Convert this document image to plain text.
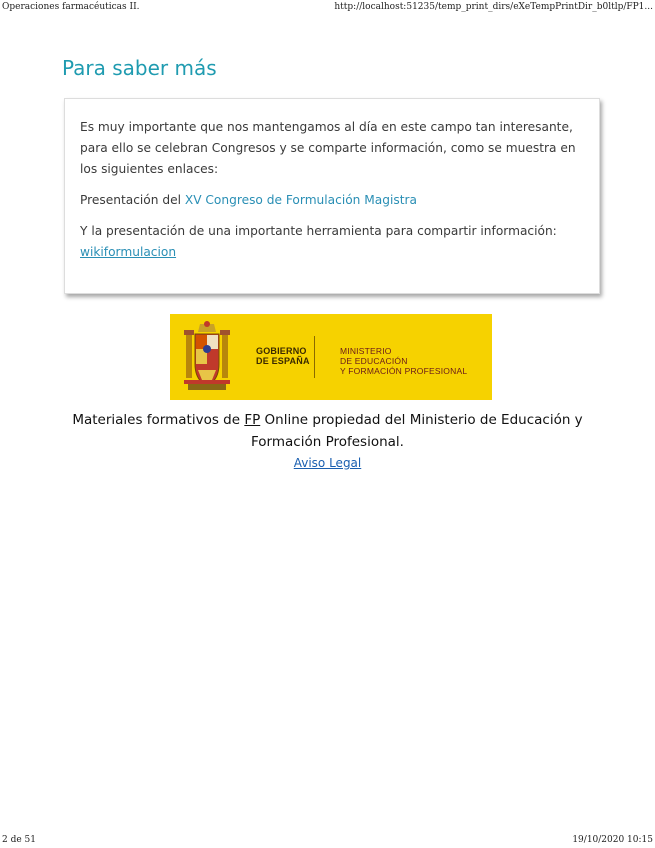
Operaciones farmacéuticas II.	http://localhost:51235/temp_print_dirs/eXeTempPrintDir_b0ltlp/FP1...
Para saber más

Es muy importante que nos mantengamos al día en este campo tan interesante, para ello se celebran Congresos y se comparte información, como se muestra en los siguientes enlaces:

Presentación del XV Congreso de Formulación Magistra

Y la presentación de una importante herramienta para compartir información: wikiformulacion

GOBIERNO
DE ESPAÑA
MINISTERIO
DE EDUCACIÓN
Y FORMACIÓN PROFESIONAL
Materiales formativos de FP Online propiedad del Ministerio de Educación y Formación Profesional.
Aviso Legal
2 de 51	19/10/2020 10:15
